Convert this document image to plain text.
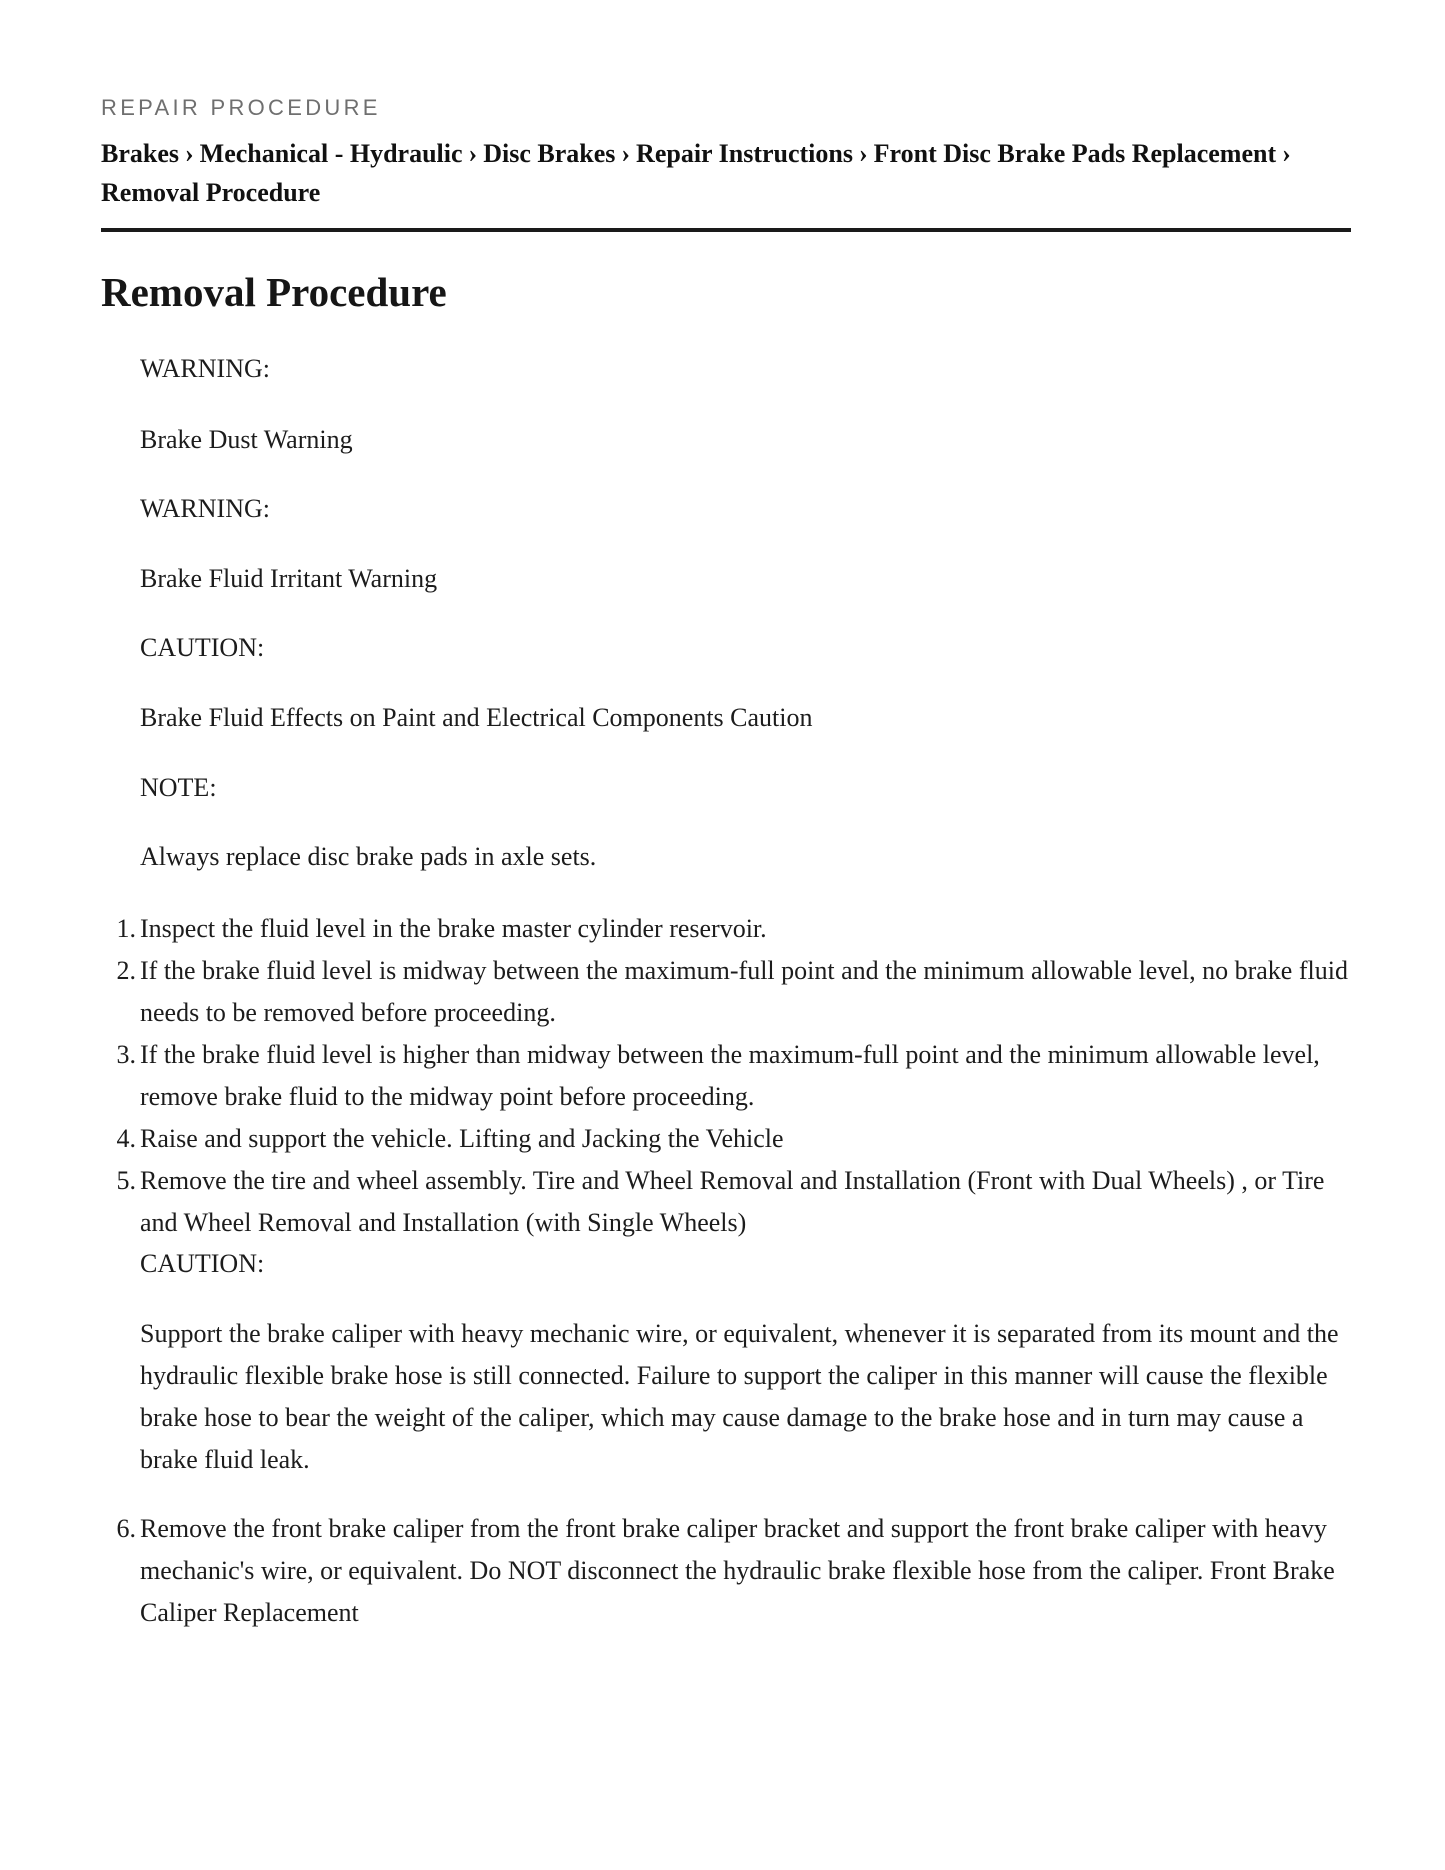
REPAIR PROCEDURE
Brakes › Mechanical - Hydraulic › Disc Brakes › Repair Instructions › Front Disc Brake Pads Replacement ›
Removal Procedure
Removal Procedure

WARNING:

Brake Dust Warning

WARNING:

Brake Fluid Irritant Warning

CAUTION:

Brake Fluid Effects on Paint and Electrical Components Caution

NOTE:

Always replace disc brake pads in axle sets.

1. Inspect the fluid level in the brake master cylinder reservoir.
2. If the brake fluid level is midway between the maximum-full point and the minimum allowable level, no brake fluid needs to be removed before proceeding.
3. If the brake fluid level is higher than midway between the maximum-full point and the minimum allowable level, remove brake fluid to the midway point before proceeding.
4. Raise and support the vehicle. Lifting and Jacking the Vehicle
5. Remove the tire and wheel assembly. Tire and Wheel Removal and Installation (Front with Dual Wheels) , or Tire and Wheel Removal and Installation (with Single Wheels)

CAUTION:

Support the brake caliper with heavy mechanic wire, or equivalent, whenever it is separated from its mount and the hydraulic flexible brake hose is still connected. Failure to support the caliper in this manner will cause the flexible brake hose to bear the weight of the caliper, which may cause damage to the brake hose and in turn may cause a brake fluid leak.

6. Remove the front brake caliper from the front brake caliper bracket and support the front brake caliper with heavy mechanic's wire, or equivalent. Do NOT disconnect the hydraulic brake flexible hose from the caliper. Front Brake Caliper Replacement
